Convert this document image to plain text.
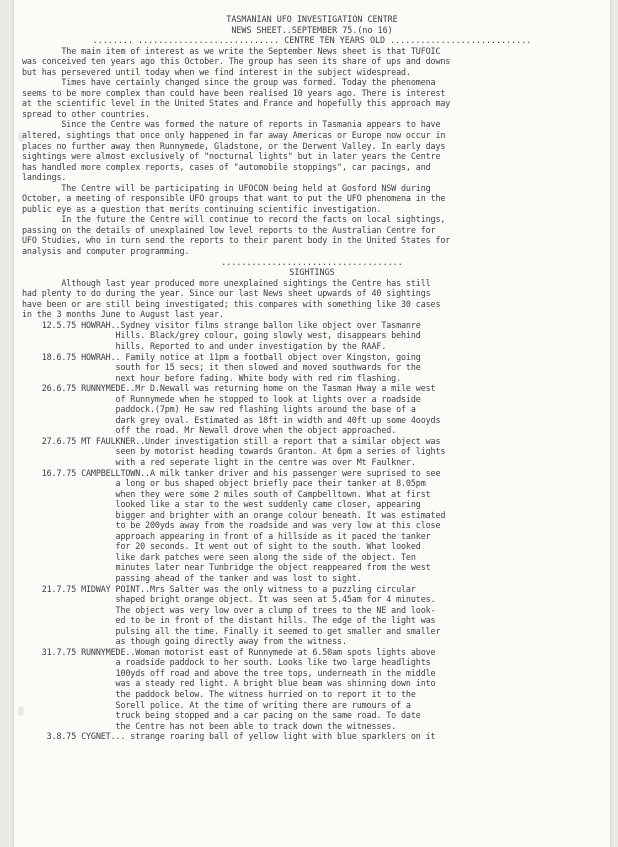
TASMANIAN UFO INVESTIGATION CENTRE
NEWS SHEET..SEPTEMBER 75.(no 16)
........ ............................ CENTRE TEN YEARS OLD ............................
The main item of interest as we write the September News sheet is that TUFOIC
was conceived ten years ago this October. The group has seen its share of ups and downs
but has persevered until today when we find interest in the subject widespread.
Times have certainly changed since the group was formed. Today the phenomena
seems to be more complex than could have been realised 10 years ago. There is interest
at the scientific level in the United States and France and hopefully this approach may
spread to other countries.
Since the Centre was formed the nature of reports in Tasmania appears to have
altered, sightings that once only happened in far away Americas or Europe now occur in
places no further away then Runnymede, Gladstone, or the Derwent Valley. In early days
sightings were almost exclusively of "nocturnal lights" but in later years the Centre
has handled more complex reports, cases of "automobile stoppings", car pacings, and
landings.
The Centre will be participating in UFOCON being held at Gosford NSW during
October, a meeting of responsible UFO groups that want to put the UFO phenomena in the
public eye as a question that merits continuing scientific investigation.
In the future the Centre will continue to record the facts on local sightings,
passing on the details of unexplained low level reports to the Australian Centre for
UFO Studies, who in turn send the reports to their parent body in the United States for
analysis and computer programming.
....................................
SIGHTINGS
Although last year produced more unexplained sightings the Centre has still
had plenty to do during the year. Since our last News sheet upwards of 40 sightings
have been or are still being investigated; this compares with something like 30 cases
in the 3 months June to August last year.
12.5.75 HOWRAH..Sydney visitor films strange ballon like object over Tasmanre
Hills. Black/grey colour, going slowly west, disappears behind
hills. Reported to and under investigation by the RAAF.
18.6.75 HOWRAH.. Family notice at 11pm a football object over Kingston, going
south for 15 secs; it then slowed and moved southwards for the
next hour before fading. White body with red rim flashing.
26.6.75 RUNNYMEDE..Mr D.Newall was returning home on the Tasman Hway a mile west
of Runnymede when he stopped to look at lights over a roadside
paddock.(7pm) He saw red flashing lights around the base of a
dark grey oval. Estimated as 18ft in width and 40ft up some 4ooyds
off the road. Mr Newall drove when the object approached.
27.6.75 MT FAULKNER..Under investigation still a report that a similar object was
seen by motorist heading towards Granton. At 6pm a series of lights
with a red seperate light in the centre was over Mt Faulkner.
16.7.75 CAMPBELLTOWN..A milk tanker driver and his passenger were suprised to see
a long or bus shaped object briefly pace their tanker at 8.05pm
when they were some 2 miles south of Campbelltown. What at first
looked like a star to the west suddenly came closer, appearing
bigger and brighter with an orange colour beneath. It was estimated
to be 200yds away from the roadside and was very low at this close
approach appearing in front of a hillside as it paced the tanker
for 20 seconds. It went out of sight to the south. What looked
like dark patches were seen along the side of the object. Ten
minutes later near Tunbridge the object reappeared from the west
passing ahead of the tanker and was lost to sight.
21.7.75 MIDWAY POINT..Mrs Salter was the only witness to a puzzling circular
shaped bright orange object. It was seen at 5.45am for 4 minutes.
The object was very low over a clump of trees to the NE and look-
ed to be in front of the distant hills. The edge of the light was
pulsing all the time. Finally it seemed to get smaller and smaller
as though going directly away from the witness.
31.7.75 RUNNYMEDE..Woman motorist east of Runnymede at 6.50am spots lights above
a roadside paddock to her south. Looks like two large headlights
100yds off road and above the tree tops, underneath in the middle
was a steady red light. A bright blue beam was shinning down into
the paddock below. The witness hurried on to report it to the
Sorell police. At the time of writing there are rumours of a
truck being stopped and a car pacing on the same road. To date
the Centre has not been able to track down the witnesses.
3.8.75 CYGNET... strange roaring ball of yellow light with blue sparklers on it
